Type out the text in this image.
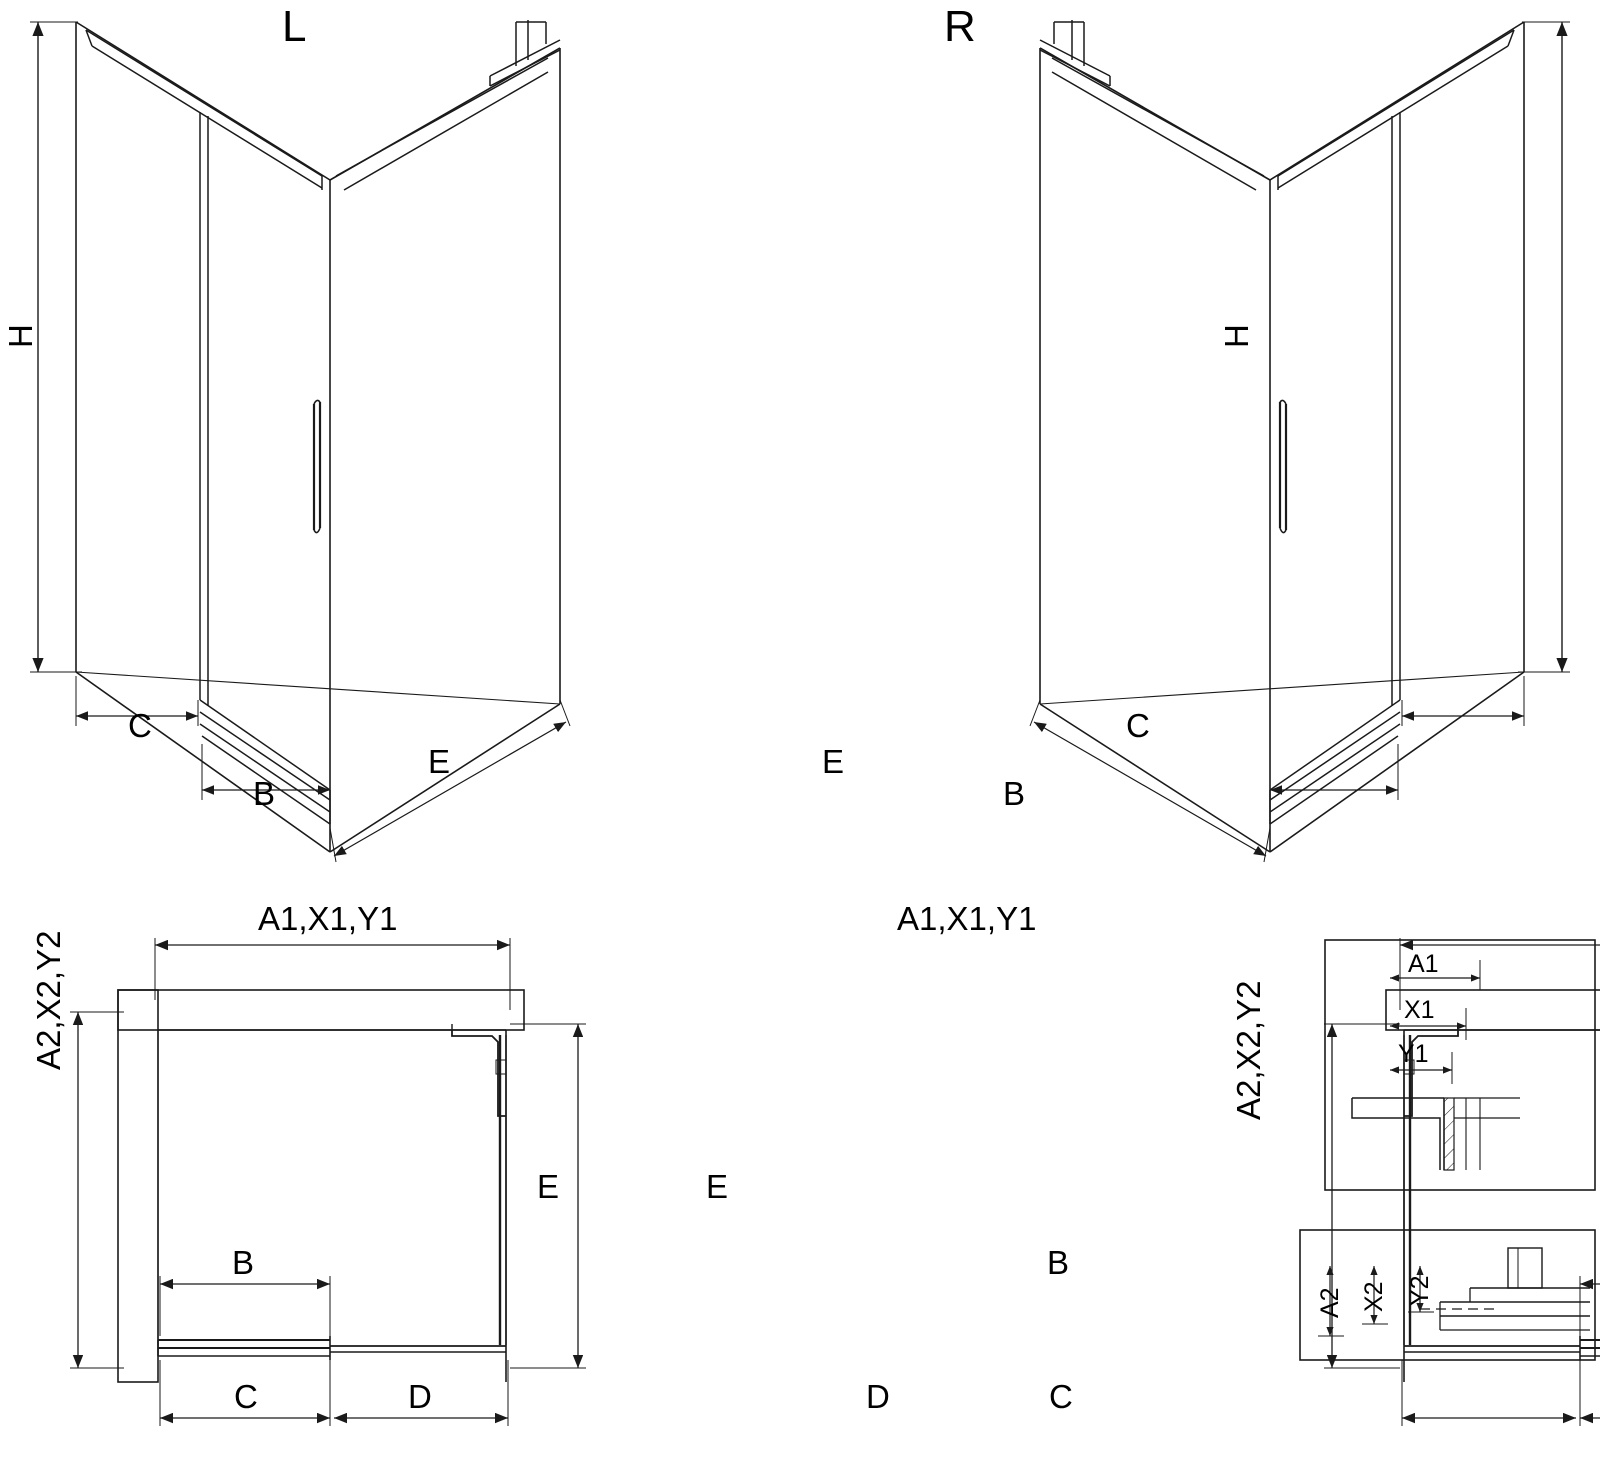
L	R
H
C
B
E
H
C
B
E
A1,X1,Y1
A2,X2,Y2
E
B
C	D
A1,X1,Y1
A2,X2,Y2
E
B
C
D
A1
X1
Y1
A2 X2 Y2
